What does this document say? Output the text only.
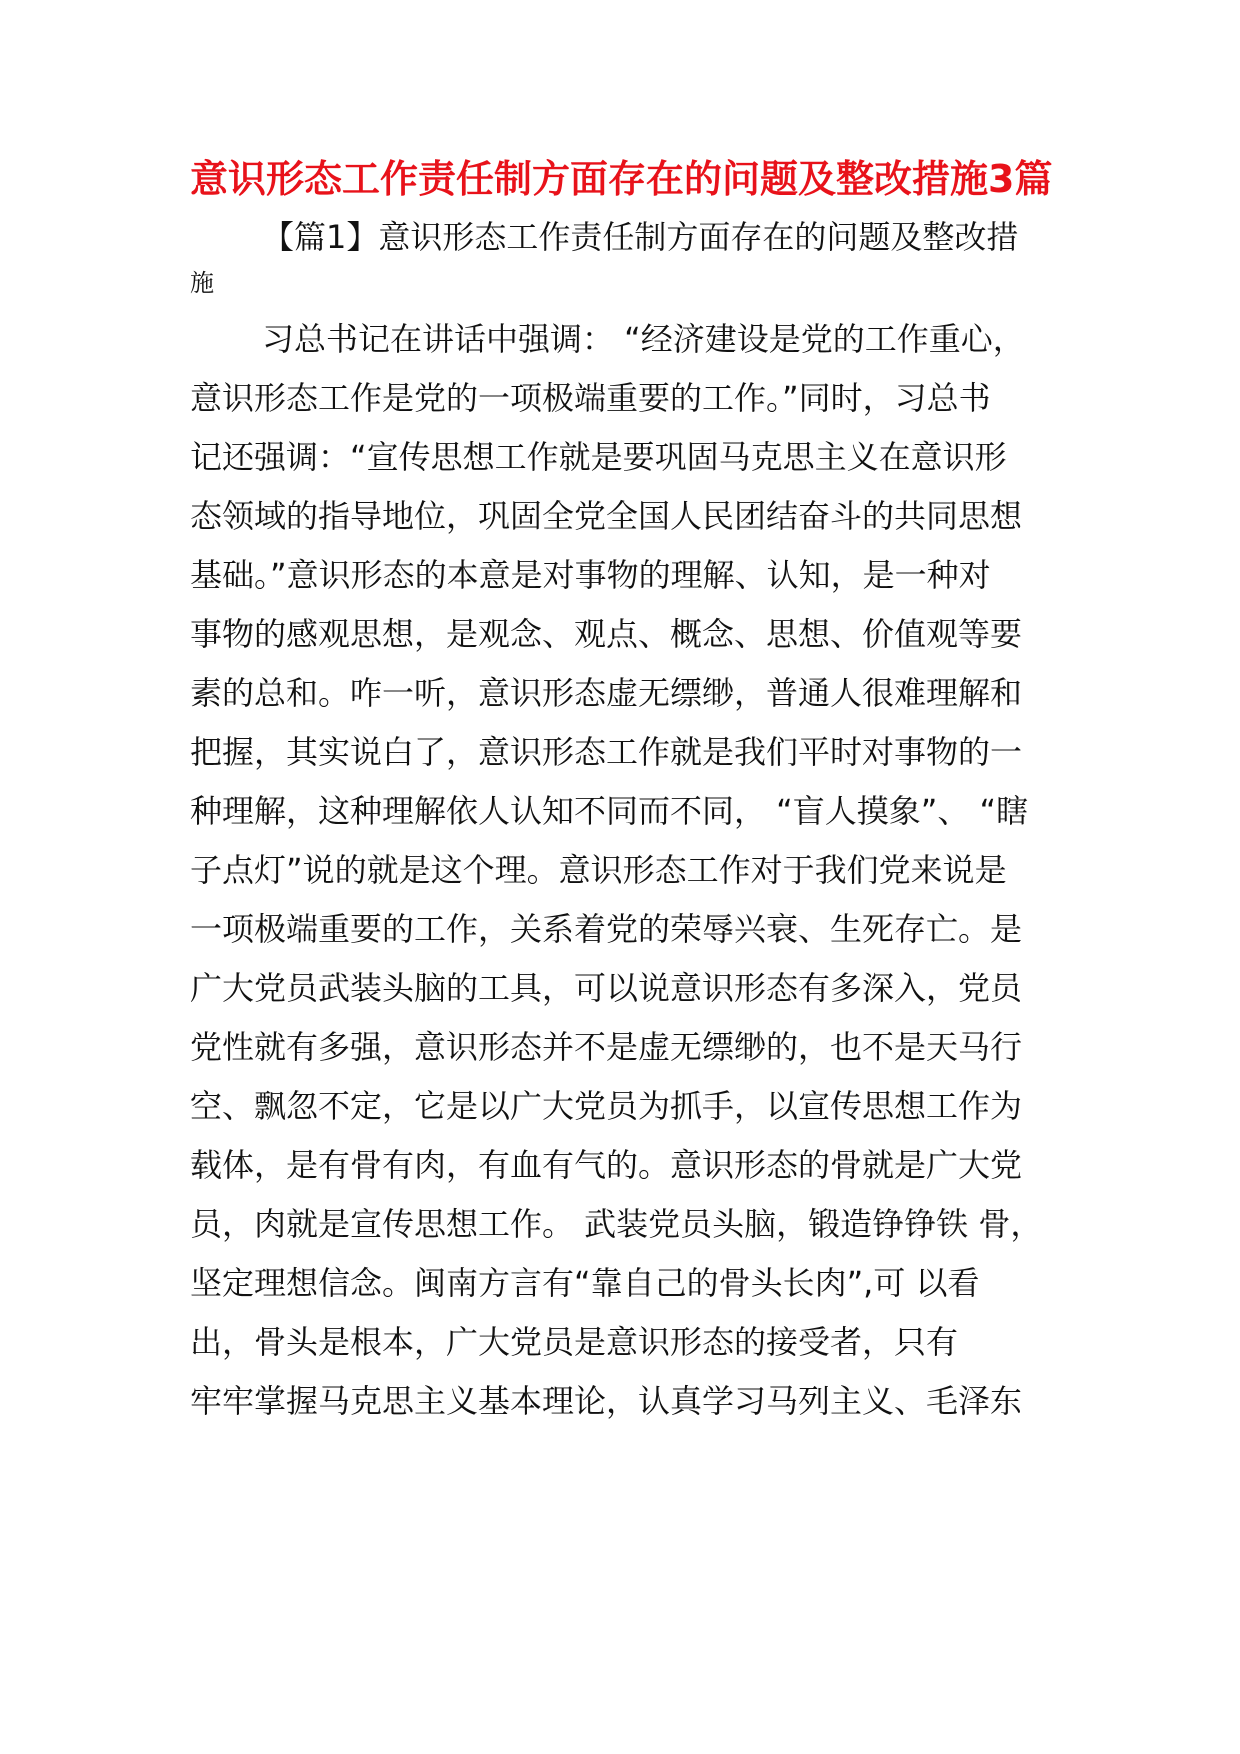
意识形态工作责任制方面存在的问题及整改措施3篇
【篇1】意识形态工作责任制方面存在的问题及整改措
施
习总书记在讲话中强调： “经济建设是党的工作重心，
意识形态工作是党的一项极端重要的工作。”同时，习总书
记还强调：“宣传思想工作就是要巩固马克思主义在意识形
态领域的指导地位，巩固全党全国人民团结奋斗的共同思想
基础。”意识形态的本意是对事物的理解、认知，是一种对
事物的感观思想，是观念、观点、概念、思想、价值观等要
素的总和。咋一听，意识形态虚无缥缈，普通人很难理解和
把握，其实说白了，意识形态工作就是我们平时对事物的一
种理解，这种理解依人认知不同而不同， “盲人摸象”、 “瞎
子点灯”说的就是这个理。意识形态工作对于我们党来说是
一项极端重要的工作，关系着党的荣辱兴衰、生死存亡。是
广大党员武装头脑的工具，可以说意识形态有多深入，党员
党性就有多强，意识形态并不是虚无缥缈的，也不是天马行
空、飘忽不定，它是以广大党员为抓手，以宣传思想工作为
载体，是有骨有肉，有血有气的。意识形态的骨就是广大党
员，肉就是宣传思想工作。 武装党员头脑，锻造铮铮铁 骨，
坚定理想信念。闽南方言有“靠自己的骨头长肉”,可 以看
出，骨头是根本，广大党员是意识形态的接受者，只有
牢牢掌握马克思主义基本理论，认真学习马列主义、毛泽东
